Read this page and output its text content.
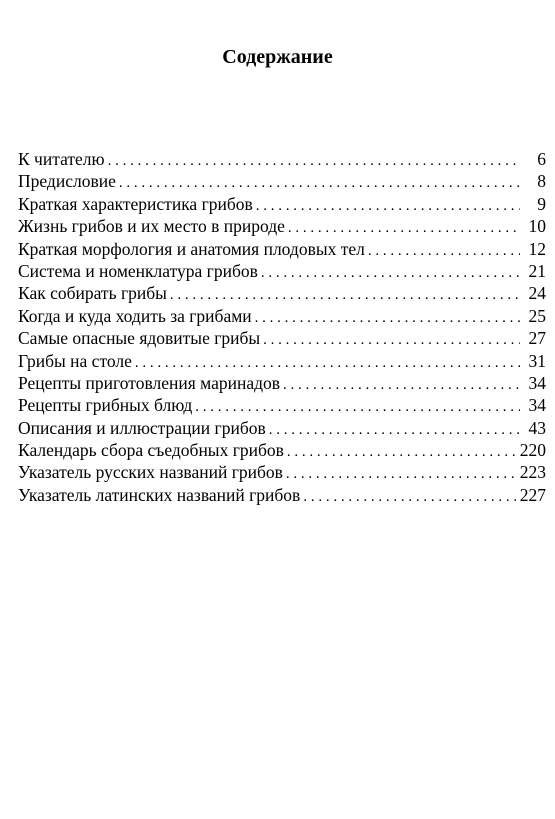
Содержание
К читателю . . .	6
Предисловие . . .	8
Краткая характеристика грибов . . .	9
Жизнь грибов и их место в природе . . .	10
Краткая морфология и анатомия плодовых тел . . .	12
Система и номенклатура грибов . . .	21
Как собирать грибы . . .	24
Когда и куда ходить за грибами . . .	25
Самые опасные ядовитые грибы . . .	27
Грибы на столе . . .	31
Рецепты приготовления маринадов . . .	34
Рецепты грибных блюд . . .	34
Описания и иллюстрации грибов . . .	43
Календарь сбора съедобных грибов . . .	220
Указатель русских названий грибов . . .	223
Указатель латинских названий грибов . . .	227
